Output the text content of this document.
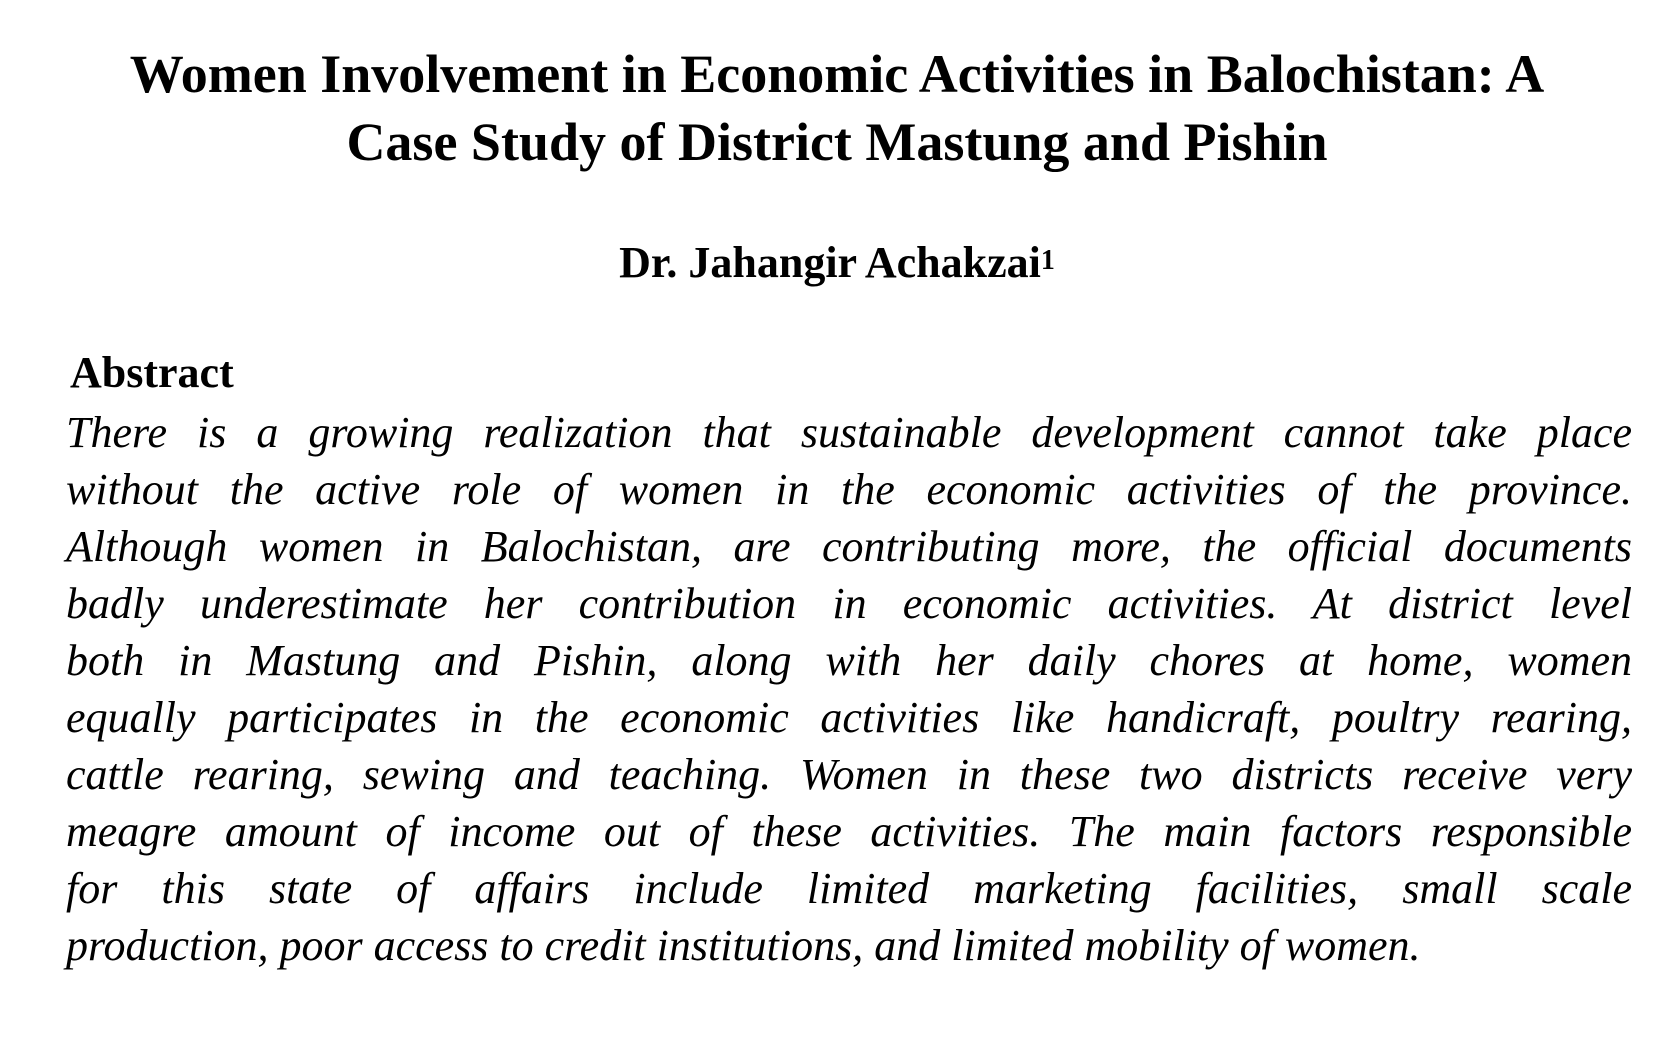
Women Involvement in Economic Activities in Balochistan: A
Case Study of District Mastung and Pishin

Dr. Jahangir Achakzai$^1$

Abstract
There is a growing realization that sustainable development cannot take place
without the active role of women in the economic activities of the province.
Although women in Balochistan, are contributing more, the official documents
badly underestimate her contribution in economic activities. At district level
both in Mastung and Pishin, along with her daily chores at home, women
equally participates in the economic activities like handicraft, poultry rearing,
cattle rearing, sewing and teaching. Women in these two districts receive very
meagre amount of income out of these activities. The main factors responsible
for this state of affairs include limited marketing facilities, small scale
production, poor access to credit institutions, and limited mobility of women.
